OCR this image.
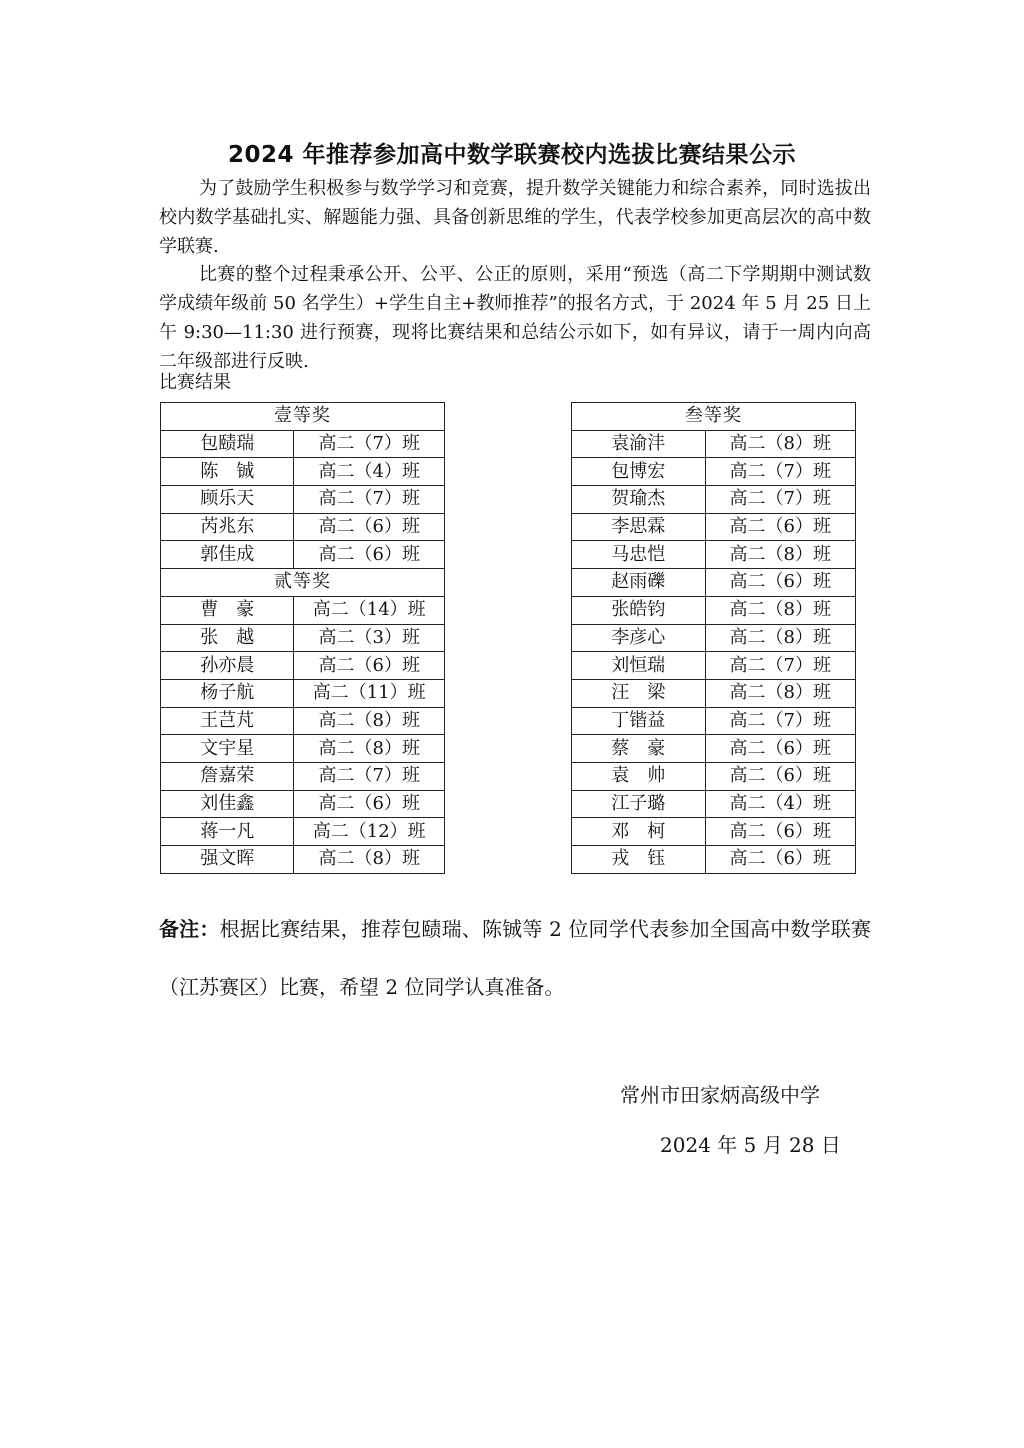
2024 年推荐参加高中数学联赛校内选拔比赛结果公示
为了鼓励学生积极参与数学学习和竞赛，提升数学关键能力和综合素养，同时选拔出校内数学基础扎实、解题能力强、具备创新思维的学生，代表学校参加更高层次的高中数学联赛.
比赛的整个过程秉承公开、公平、公正的原则，采用“预选（高二下学期期中测试数学成绩年级前 50 名学生）+学生自主+教师推荐”的报名方式，于 2024 年 5 月 25 日上午 9:30—11:30 进行预赛，现将比赛结果和总结公示如下，如有异议，请于一周内向高二年级部进行反映.
比赛结果
壹等奖	
包赜瑞	高二（7）班
陈　铖	高二（4）班
顾乐天	高二（7）班
芮兆东	高二（6）班
郭佳成	高二（6）班
贰等奖	
曹　豪	高二（14）班
张　越	高二（3）班
孙亦晨	高二（6）班
杨子航	高二（11）班
王芑芃	高二（8）班
文宇星	高二（8）班
詹嘉荣	高二（7）班
刘佳鑫	高二（6）班
蒋一凡	高二（12）班
强文晖	高二（8）班
叁等奖	
袁渝沣	高二（8）班
包博宏	高二（7）班
贺瑜杰	高二（7）班
李思霖	高二（6）班
马忠恺	高二（8）班
赵雨礫	高二（6）班
张皓钧	高二（8）班
李彦心	高二（8）班
刘恒瑞	高二（7）班
汪　梁	高二（8）班
丁锴益	高二（7）班
蔡　豪	高二（6）班
袁　帅	高二（6）班
江子璐	高二（4）班
邓　柯	高二（6）班
戎　钰	高二（6）班
备注：根据比赛结果，推荐包赜瑞、陈铖等 2 位同学代表参加全国高中数学联赛（江苏赛区）比赛，希望 2 位同学认真准备。
常州市田家炳高级中学
2024 年 5 月 28 日
